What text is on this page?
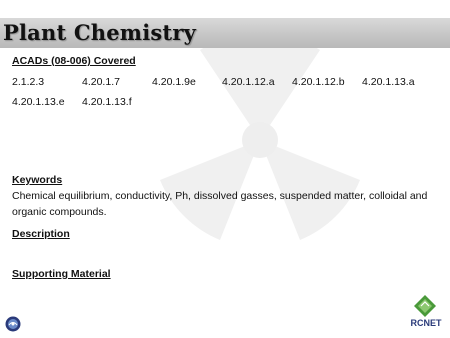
Plant Chemistry
ACADs (08-006) Covered
2.1.2.3	4.20.1.7	4.20.1.9e	4.20.1.12.a	4.20.1.12.b	4.20.1.13.a
4.20.1.13.e	4.20.1.13.f
Keywords
Chemical equilibrium, conductivity, Ph, dissolved gasses, suspended matter, colloidal and organic compounds.
Description
Supporting Material
RCNET
